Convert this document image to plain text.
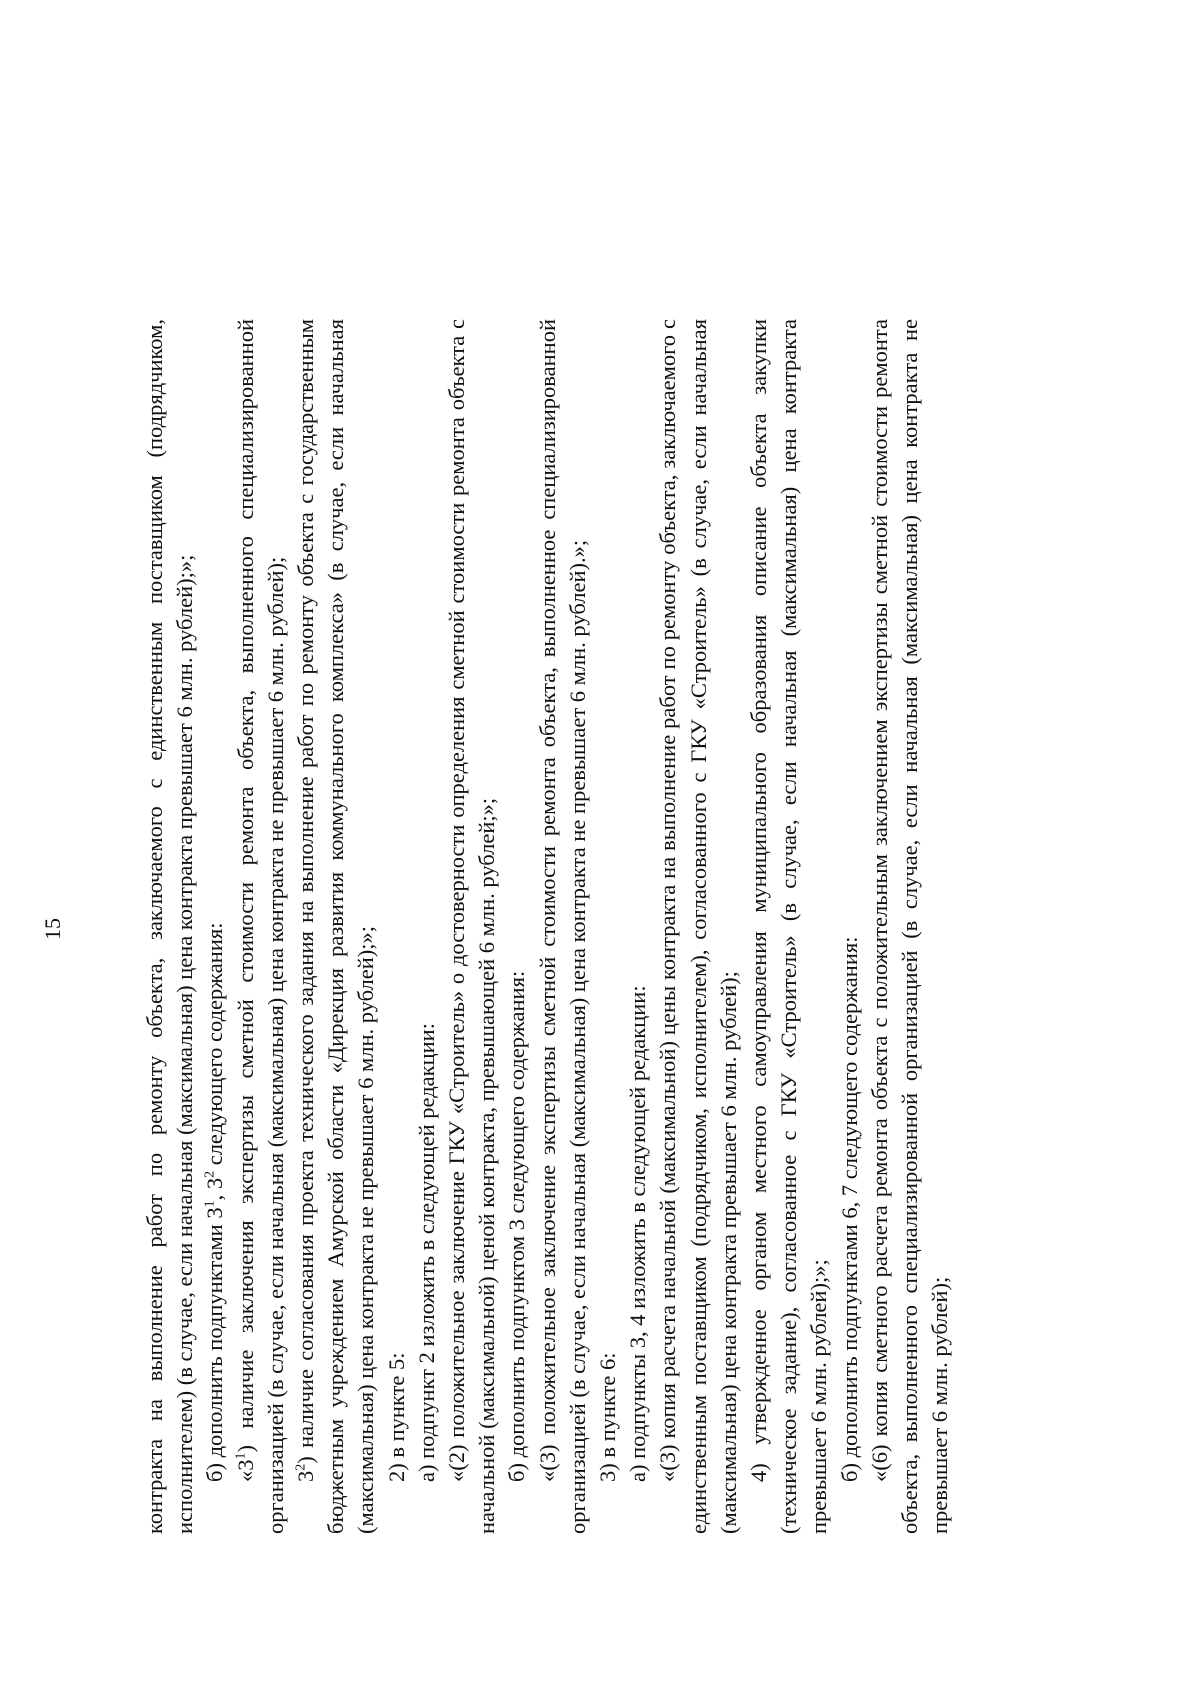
15	контракта на выполнение работ по ремонту объекта, заключаемого с единственным поставщиком (подрядчиком, исполнителем) (в случае, если начальная (максимальная) цена контракта превышает 6 млн. рублей);»; б) дополнить подпунктами $3^1$, $3^2$ следующего содержания:

«$3^1$) наличие заключения экспертизы сметной стоимости ремонта объекта, выполненного специализированной организацией (в случае, если начальная (максимальная) цена контракта не превышает 6 млн. рублей); $3^2$) наличие согласования проекта технического задания на выполнение работ по ремонту объекта с государственным бюджетным учреждением Амурской области «Дирекция развития коммунального комплекса» (в случае, если начальная (максимальная) цена контракта не превышает 6 млн. рублей);»; 2) в пункте 5: а) подпункт 2 изложить в следующей редакции: «(2) положительное заключение ГКУ «Строитель» о достоверности определения сметной стоимости ремонта объекта с начальной (максимальной) ценой контракта, превышающей 6 млн. рублей;»; б) дополнить подпунктом 3 следующего содержания: «(3) положительное заключение экспертизы сметной стоимости ремонта объекта, выполненное специализированной организацией (в случае, если начальная (максимальная) цена контракта не превышает 6 млн. рублей).»; 3) в пункте 6: а) подпункты 3, 4 изложить в следующей редакции: «(3) копия расчета начальной (максимальной) цены контракта на выполнение работ по ремонту объекта, заключаемого с единственным поставщиком (подрядчиком, исполнителем), согласованного с ГКУ «Строитель» (в случае, если начальная (максимальная) цена контракта превышает 6 млн. рублей); 4) утвержденное органом местного самоуправления муниципального образования описание объекта закупки (техническое задание), согласованное с ГКУ «Строитель» (в случае, если начальная (максимальная) цена контракта превышает 6 млн. рублей);»; б) дополнить подпунктами 6, 7 следующего содержания: «(6) копия сметного расчета ремонта объекта с положительным заключением экспертизы сметной стоимости ремонта объекта, выполненного специализированной организацией (в случае, если начальная (максимальная) цена контракта не превышает 6 млн. рублей);
